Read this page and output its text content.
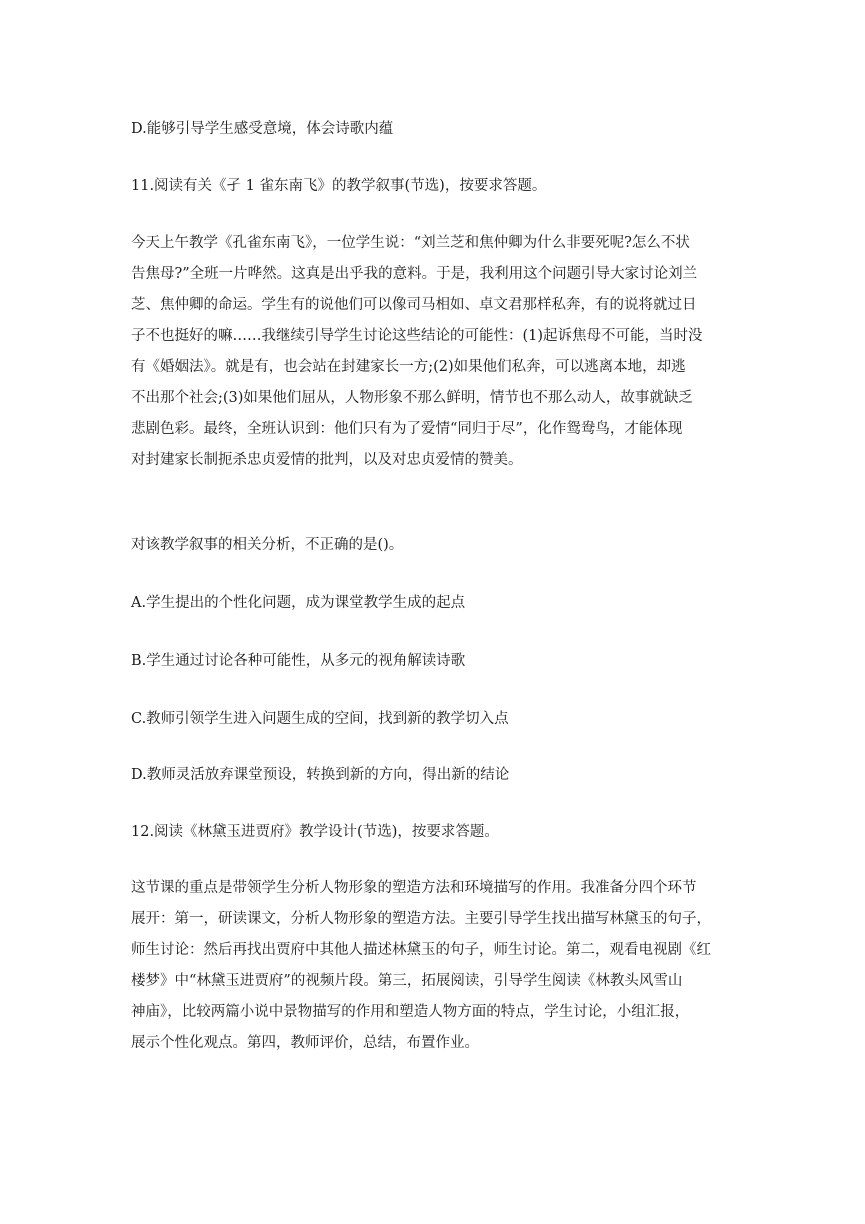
D.能够引导学生感受意境，体会诗歌内蕴
11.阅读有关《孑 1 雀东南飞》的教学叙事(节选)，按要求答题。
今天上午教学《孔雀东南飞》，一位学生说：“刘兰芝和焦仲卿为什么非要死呢?怎么不状
告焦母?”全班一片哗然。这真是出乎我的意料。于是，我利用这个问题引导大家讨论刘兰
芝、焦仲卿的命运。学生有的说他们可以像司马相如、卓文君那样私奔，有的说将就过日
子不也挺好的嘛……我继续引导学生讨论这些结论的可能性：(1)起诉焦母不可能，当时没
有《婚姻法》。就是有，也会站在封建家长一方;(2)如果他们私奔，可以逃离本地，却逃
不出那个社会;(3)如果他们屈从，人物形象不那么鲜明，情节也不那么动人，故事就缺乏
悲剧色彩。最终，全班认识到：他们只有为了爱情“同归于尽”，化作鸳鸯鸟，才能体现
对封建家长制扼杀忠贞爱情的批判，以及对忠贞爱情的赞美。
对该教学叙事的相关分析，不正确的是()。
A.学生提出的个性化问题，成为课堂教学生成的起点
B.学生通过讨论各种可能性，从多元的视角解读诗歌
C.教师引领学生进入问题生成的空间，找到新的教学切入点
D.教师灵活放弃课堂预设，转换到新的方向，得出新的结论
12.阅读《林黛玉进贾府》教学设计(节选)，按要求答题。
这节课的重点是带领学生分析人物形象的塑造方法和环境描写的作用。我准备分四个环节
展开：第一，研读课文，分析人物形象的塑造方法。主要引导学生找出描写林黛玉的句子，
师生讨论：然后再找出贾府中其他人描述林黛玉的句子，师生讨论。第二，观看电视剧《红
楼梦》中“林黛玉进贾府”的视频片段。第三，拓展阅读，引导学生阅读《林教头风雪山
神庙》，比较两篇小说中景物描写的作用和塑造人物方面的特点，学生讨论，小组汇报，
展示个性化观点。第四，教师评价，总结，布置作业。
